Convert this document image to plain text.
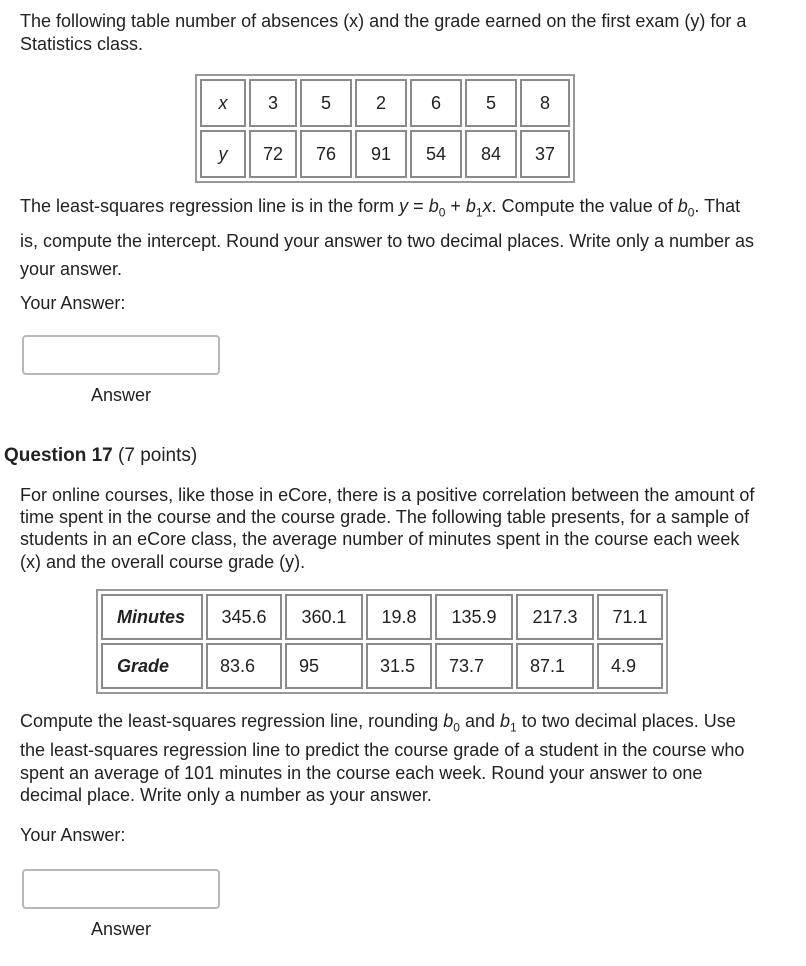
The following table number of absences (x) and the grade earned on the first exam (y) for a Statistics class.

x	3	5	2	6	5	8
y	72	76	91	54	84	37

The least-squares regression line is in the form $y = b_0 + b_1x$. Compute the value of $b_0$. That is, compute the intercept. Round your answer to two decimal places. Write only a number as your answer.

Your Answer:
Answer
Question 17 (7 points)

For online courses, like those in eCore, there is a positive correlation between the amount of time spent in the course and the course grade. The following table presents, for a sample of students in an eCore class, the average number of minutes spent in the course each week (x) and the overall course grade (y).

Minutes	345.6	360.1	19.8	135.9	217.3	71.1
Grade	83.6	95	31.5	73.7	87.1	4.9

Compute the least-squares regression line, rounding $b_0$ and $b_1$ to two decimal places. Use the least-squares regression line to predict the course grade of a student in the course who spent an average of 101 minutes in the course each week. Round your answer to one decimal place. Write only a number as your answer.

Your Answer:
Answer
